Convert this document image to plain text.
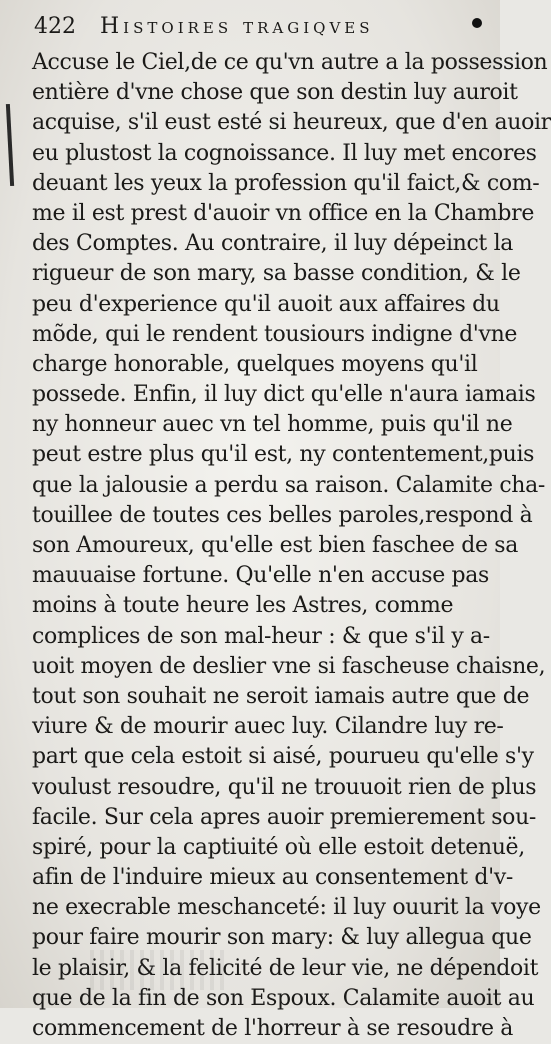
422 Histoires tragiqves
Accuse le Ciel,de ce qu'vn autre a la possession
entière d'vne chose que son destin luy auroit
acquise, s'il eust esté si heureux, que d'en auoir
eu plustost la cognoissance. Il luy met encores
deuant les yeux la profession qu'il faict,& com-
me il est prest d'auoir vn office en la Chambre
des Comptes. Au contraire, il luy dépeinct la
rigueur de son mary, sa basse condition, & le
peu d'experience qu'il auoit aux affaires du
mõde, qui le rendent tousiours indigne d'vne
charge honorable, quelques moyens qu'il
possede. Enfin, il luy dict qu'elle n'aura iamais
ny honneur auec vn tel homme, puis qu'il ne
peut estre plus qu'il est, ny contentement,puis
que la jalousie a perdu sa raison. Calamite cha-
touillee de toutes ces belles paroles,respond à
son Amoureux, qu'elle est bien faschee de sa
mauuaise fortune. Qu'elle n'en accuse pas
moins à toute heure les Astres, comme
complices de son mal-heur : & que s'il y a-
uoit moyen de deslier vne si fascheuse chaisne,
tout son souhait ne seroit iamais autre que de
viure & de mourir auec luy. Cilandre luy re-
part que cela estoit si aisé, pourueu qu'elle s'y
voulust resoudre, qu'il ne trouuoit rien de plus
facile. Sur cela apres auoir premierement sou-
spiré, pour la captiuité où elle estoit detenuë,
afin de l'induire mieux au consentement d'v-
ne execrable meschanceté: il luy ouurit la voye
pour faire mourir son mary: & luy allegua que
le plaisir, & la felicité de leur vie, ne dépendoit
que de la fin de son Espoux. Calamite auoit au
commencement de l'horreur à se resoudre à
